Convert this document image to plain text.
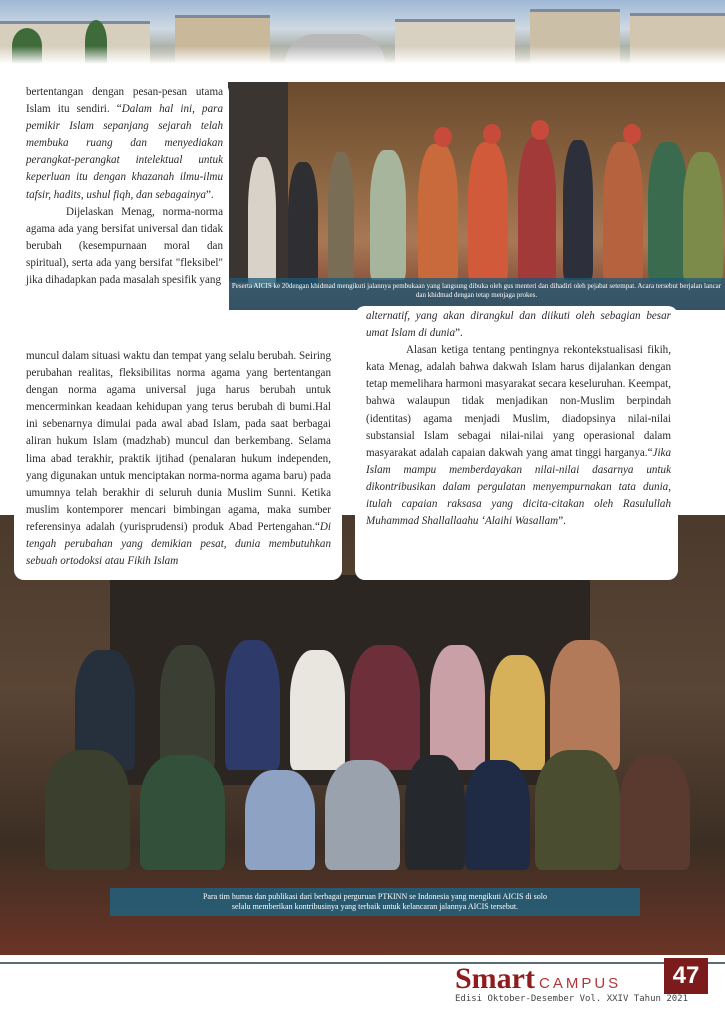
Peserta AICIS ke 20dengan khidmad mengikuti jalannya pembukaan yang langsung dibuka oleh gus menteri dan dihadiri oleh pejabat setempat. Acara tersebut berjalan lancar dan khidmad dengan tetap menjaga prokes.
Para tim humas dan publikasi dari berbagai perguruan PTKINN se Indonesia yang mengikuti AICIS di solo
selalu memberikan kontribusinya yang terbaik untuk kelancaran jalannya AICIS tersebut.

bertentangan dengan pesan-pesan utama Islam itu sendiri. “Dalam hal ini, para pemikir Islam sepanjang sejarah telah membuka ruang dan menyediakan perangkat-perangkat intelektual untuk keperluan itu dengan khazanah ilmu-ilmu tafsir, hadits, ushul fiqh, dan sebagainya”.

Dijelaskan Menag, norma-norma agama ada yang bersifat universal dan tidak berubah (kesempurnaan moral dan spiritual), serta ada yang bersifat "fleksibel" jika dihadapkan pada masalah spesifik yang

muncul dalam situasi waktu dan tempat yang selalu berubah. Seiring perubahan realitas, fleksibilitas norma agama yang bertentangan dengan norma agama universal juga harus berubah untuk mencerminkan keadaan kehidupan yang terus berubah di bumi.Hal ini sebenarnya dimulai pada awal abad Islam, pada saat berbagai aliran hukum Islam (madzhab) muncul dan berkembang. Selama lima abad terakhir, praktik ijtihad (penalaran hukum independen, yang digunakan untuk menciptakan norma-norma agama baru) pada umumnya telah berakhir di seluruh dunia Muslim Sunni. Ketika muslim kontemporer mencari bimbingan agama, maka sumber referensinya adalah (yurisprudensi) produk Abad Pertengahan.“Di tengah perubahan yang demikian pesat, dunia membutuhkan sebuah ortodoksi atau Fikih Islam

alternatif, yang akan dirangkul dan diikuti oleh sebagian besar umat Islam di dunia”.

Alasan ketiga tentang pentingnya rekontekstualisasi fikih, kata Menag, adalah bahwa dakwah Islam harus dijalankan dengan tetap memelihara harmoni masyarakat secara keseluruhan. Keempat, bahwa walaupun tidak menjadikan non-Muslim berpindah (identitas) agama menjadi Muslim, diadopsinya nilai-nilai substansial Islam sebagai nilai-nilai yang operasional dalam masyarakat adalah capaian dakwah yang amat tinggi harganya.“Jika Islam mampu memberdayakan nilai-nilai dasarnya untuk dikontribusikan dalam pergulatan menyempurnakan tata dunia, itulah capaian raksasa yang dicita-citakan oleh Rasulullah Muhammad Shallallaahu ‘Alaihi Wasallam”.

Smart CAMPUS
Edisi Oktober-Desember Vol. XXIV Tahun 2021
47
